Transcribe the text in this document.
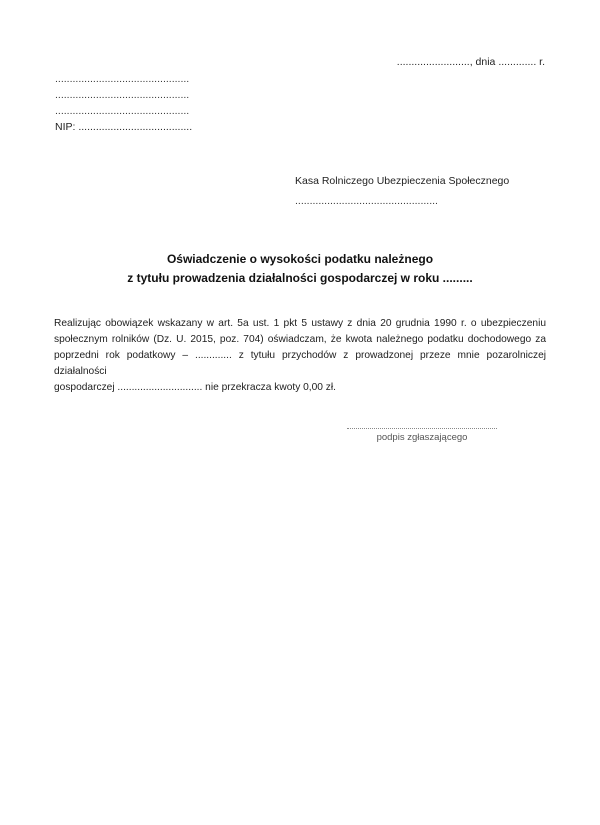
........................., dnia ............. r.
..............................................
..............................................
..............................................
NIP: .......................................
Kasa Rolniczego Ubezpieczenia Społecznego
.................................................
Oświadczenie o wysokości podatku należnego
z tytułu prowadzenia działalności gospodarczej w roku .........
Realizując obowiązek wskazany w art. 5a ust. 1 pkt 5 ustawy z dnia 20 grudnia 1990 r. o ubezpieczeniu
społecznym rolników (Dz. U. 2015, poz. 704) oświadczam, że kwota należnego podatku dochodowego za
poprzedni rok podatkowy – ............. z tytułu przychodów z prowadzonej przeze mnie pozarolniczej działalności
gospodarczej .............................. nie przekracza kwoty 0,00 zł.
podpis zgłaszającego
